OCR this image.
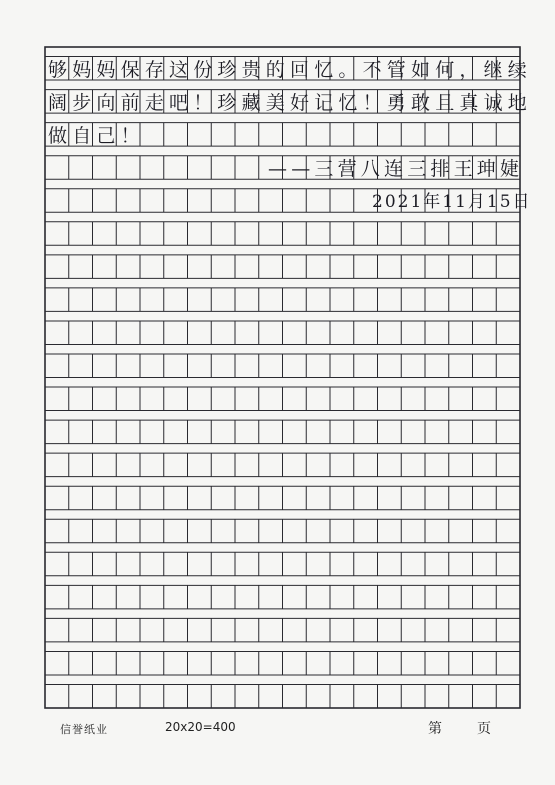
够妈妈保存这份珍贵的回忆。不管如何，继续
阔步向前走吧！珍藏美好记忆！勇敢且真诚地
做自己！
——三营八连三排王珅婕
2021年11月15日
信誉纸业	20x20=400	第	页
